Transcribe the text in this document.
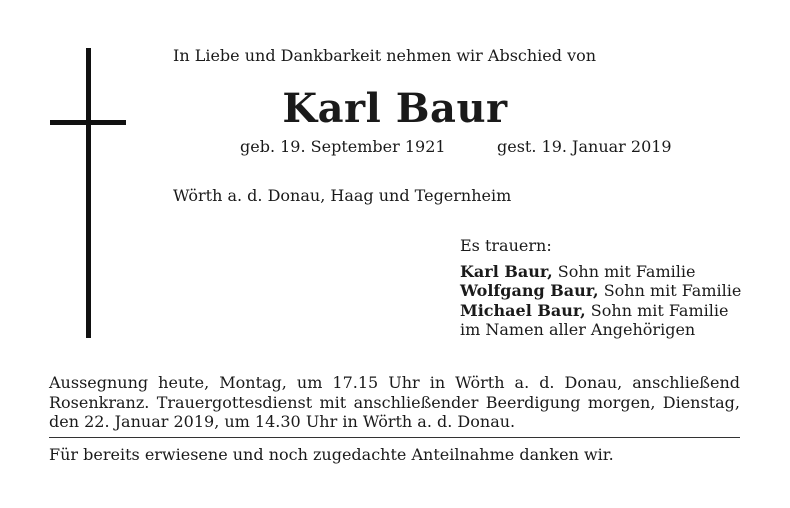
In Liebe und Dankbarkeit nehmen wir Abschied von
Karl Baur
geb. 19. September 1921	gest. 19. Januar 2019
Wörth a. d. Donau, Haag und Tegernheim
Es trauern:
Karl Baur, Sohn mit Familie
Wolfgang Baur, Sohn mit Familie
Michael Baur, Sohn mit Familie
im Namen aller Angehörigen
Aussegnung heute, Montag, um 17.15 Uhr in Wörth a. d. Donau, anschließend Rosenkranz. Trauergottesdienst mit anschließender Beerdigung morgen, Dienstag, den 22. Januar 2019, um 14.30 Uhr in Wörth a. d. Donau.
Für bereits erwiesene und noch zugedachte Anteilnahme danken wir.
